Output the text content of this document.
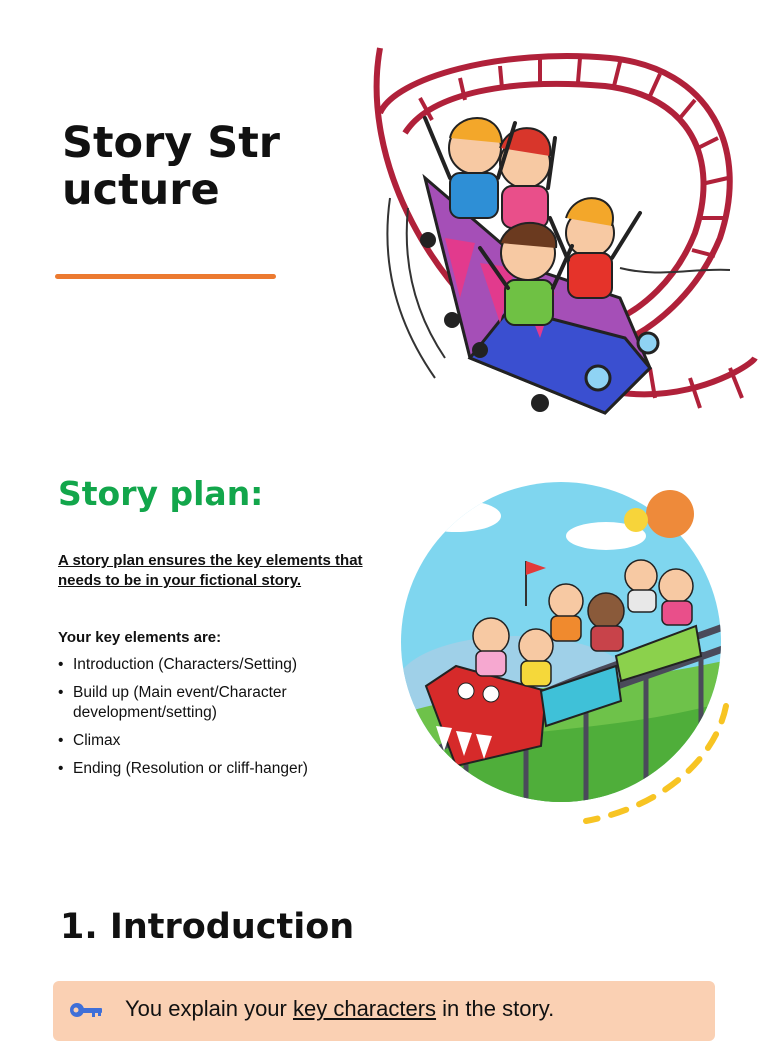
Story Structure
Story plan:
A story plan ensures the key elements that needs to be in your fictional story.
Your key elements are:
• Introduction (Characters/Setting)
• Build up (Main event/Character development/setting)
• Climax
• Ending (Resolution or cliff-hanger)
1. Introduction
You explain your key characters in the story.
